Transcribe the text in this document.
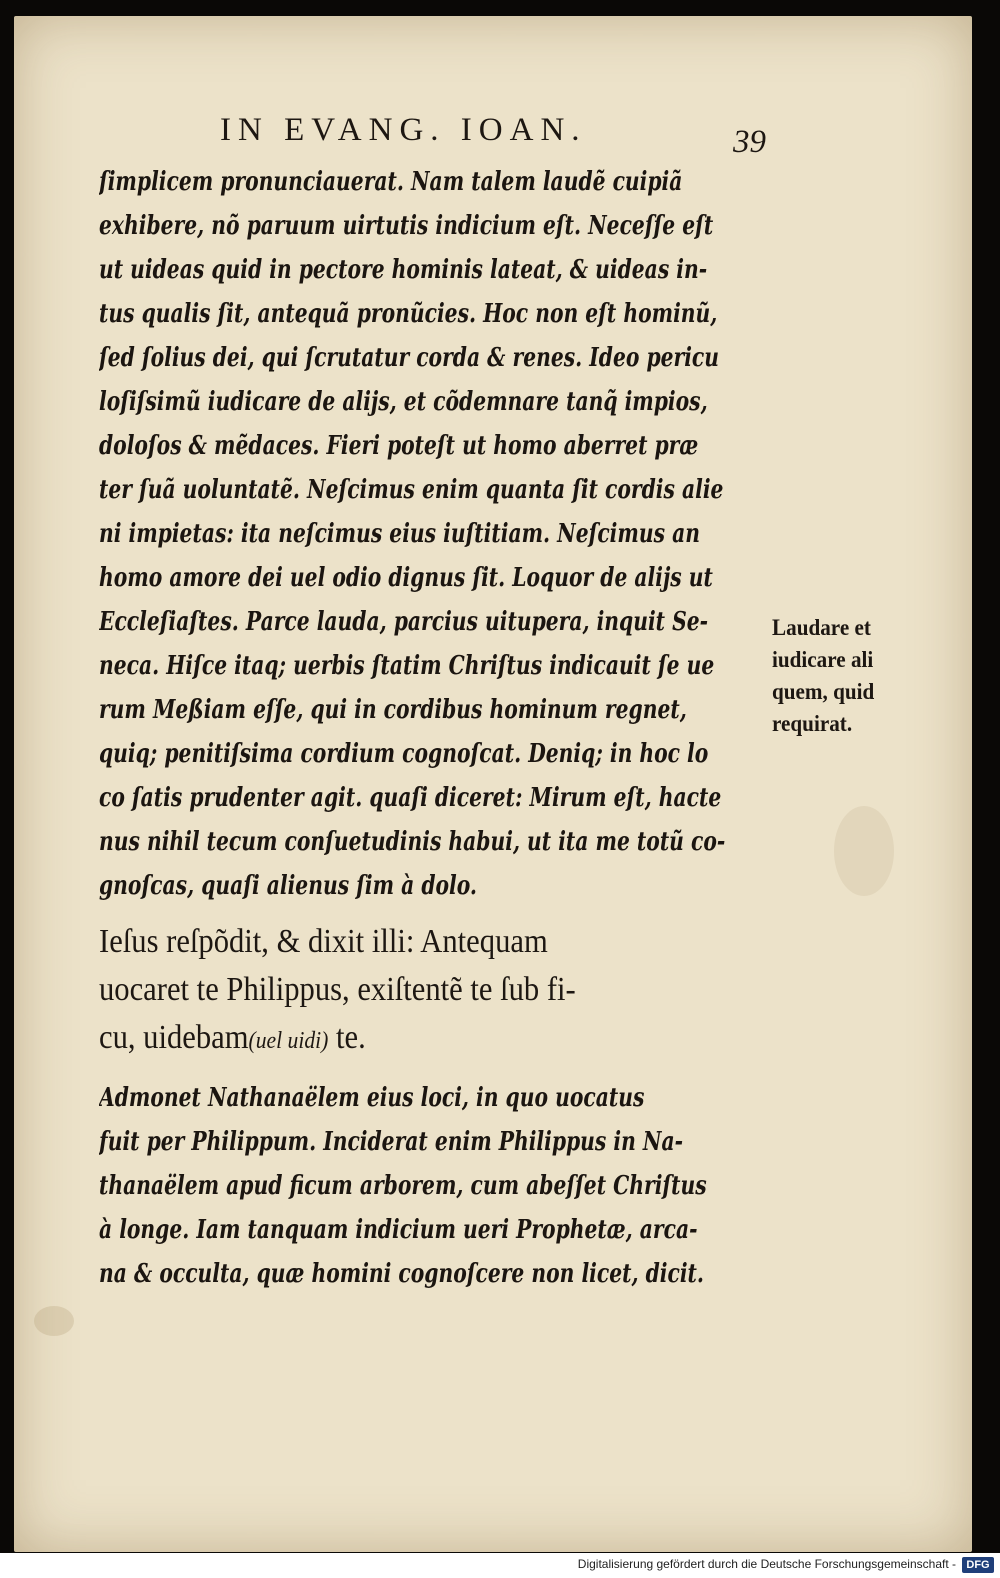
IN EVANG. IOAN.	39
ſimplicem pronunciauerat. Nam talem laudẽ cuipiã
exhibere, nõ paruum uirtutis indicium eſt. Neceſſe eſt
ut uideas quid in pectore hominis lateat, & uideas in-
tus qualis ſit, antequã pronũcies. Hoc non eſt hominũ,
ſed ſolius dei, qui ſcrutatur corda & renes. Ideo pericu
loſiſsimũ iudicare de alijs, et cõdemnare tanq̃ impios,
doloſos & mẽdaces. Fieri poteſt ut homo aberret præ
ter ſuã uoluntatẽ. Neſcimus enim quanta ſit cordis alie
ni impietas: ita neſcimus eius iuſtitiam. Neſcimus an
homo amore dei uel odio dignus ſit. Loquor de alijs ut
Eccleſiaſtes. Parce lauda, parcius uitupera, inquit Se-
neca. Hiſce itaq; uerbis ſtatim Chriſtus indicauit ſe ue
rum Meßiam eſſe, qui in cordibus hominum regnet,
quiq; penitiſsima cordium cognoſcat. Deniq; in hoc lo
co ſatis prudenter agit. quaſi diceret: Mirum eſt, hacte
nus nihil tecum conſuetudinis habui, ut ita me totũ co-
gnoſcas, quaſi alienus ſim à dolo.
Laudare et
iudicare ali
quem, quid
requirat.
Ieſus reſpõdit, & dixit illi: Antequam
uocaret te Philippus, exiſtentẽ te ſub fi-
cu, uidebam(uel uidi) te.
Admonet Nathanaëlem eius loci, in quo uocatus
fuit per Philippum. Inciderat enim Philippus in Na-
thanaëlem apud ficum arborem, cum abeſſet Chriſtus
à longe. Iam tanquam indicium ueri Prophetæ, arca-
na & occulta, quæ homini cognoſcere non licet, dicit.
Digitalisierung gefördert durch die Deutsche Forschungsgemeinschaft - DFG
